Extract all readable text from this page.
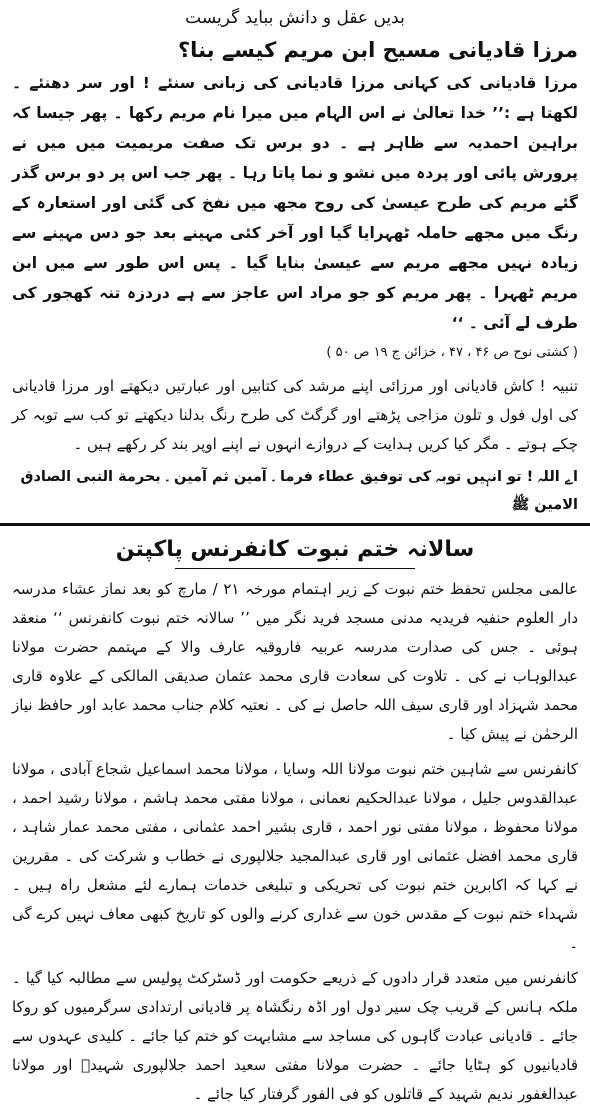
بدیں عقل و دانش بباید گریست
مرزا قادیانی مسیح ابن مریم کیسے بنا؟

مرزا قادیانی کی کہانی مرزا قادیانی کی زبانی سنئے ! اور سر دھنئے ۔ لکھتا ہے :’’ خدا تعالیٰ نے اس الہام میں میرا نام مریم رکھا ۔ پھر جیسا کہ براہین احمدیہ سے ظاہر ہے ۔ دو برس تک صفت مریمیت میں میں نے پرورش پائی اور پردہ میں نشو و نما پاتا رہا ۔ پھر جب اس پر دو برس گذر گئے مریم کی طرح عیسیٰ کی روح مجھ میں نفخ کی گئی اور استعارہ کے رنگ میں مجھے حاملہ ٹھہرایا گیا اور آخر کئی مہینے بعد جو دس مہینے سے زیادہ نہیں مجھے مریم سے عیسیٰ بنایا گیا ۔ پس اس طور سے میں ابن مریم ٹھہرا ۔ پھر مریم کو جو مراد اس عاجز سے ہے دردزہ تنہ کھجور کی طرف لے آئی ۔ ‘‘

( کشتی نوح ص ۴۶ ، ۴۷ ، خزائن ج ۱۹ ص ۵۰ )

تنبیہ ! کاش قادیانی اور مرزائی اپنے مرشد کی کتابیں اور عبارتیں دیکھتے اور مرزا قادیانی کی اول فول و تلون مزاجی پڑھتے اور گرگٹ کی طرح رنگ بدلنا دیکھتے تو کب سے توبہ کر چکے ہوتے ۔ مگر کیا کریں ہدایت کے دروازے انہوں نے اپنے اوپر بند کر رکھے ہیں ۔

اے اللہ ! تو انہیں توبہ کی توفیق عطاء فرما ۔ آمین ثم آمین ۔ بحرمة النبی الصادق الامین ﷺ
سالانہ ختم نبوت کانفرنس پاکپتن

عالمی مجلس تحفظ ختم نبوت کے زیر اہتمام مورخہ ۲۱ / مارچ کو بعد نماز عشاء مدرسہ دار العلوم حنفیہ فریدیہ مدنی مسجد فرید نگر میں ’’ سالانہ ختم نبوت کانفرنس ‘‘ منعقد ہوئی ۔ جس کی صدارت مدرسہ عربیہ فاروقیہ عارف والا کے مہتمم حضرت مولانا عبدالوہاب نے کی ۔ تلاوت کی سعادت قاری محمد عثمان صدیقی المالکی کے علاوہ قاری محمد شہزاد اور قاری سیف اللہ حاصل نے کی ۔ نعتیہ کلام جناب محمد عابد اور حافظ نیاز الرحمٰن نے پیش کیا ۔

کانفرنس سے شاہین ختم نبوت مولانا اللہ وسایا ، مولانا محمد اسماعیل شجاع آبادی ، مولانا عبدالقدوس جلیل ، مولانا عبدالحکیم نعمانی ، مولانا مفتی محمد ہاشم ، مولانا رشید احمد ، مولانا محفوظ ، مولانا مفتی نور احمد ، قاری بشیر احمد عثمانی ، مفتی محمد عمار شاہد ، قاری محمد افضل عثمانی اور قاری عبدالمجید جلالپوری نے خطاب و شرکت کی ۔ مقررین نے کہا کہ اکابرین ختم نبوت کی تحریکی و تبلیغی خدمات ہمارے لئے مشعل راہ ہیں ۔ شہداء ختم نبوت کے مقدس خون سے غداری کرنے والوں کو تاریخ کبھی معاف نہیں کرے گی ۔

کانفرنس میں متعدد قرار دادوں کے ذریعے حکومت اور ڈسٹرکٹ پولیس سے مطالبہ کیا گیا ۔ ملکہ ہانس کے قریب چک سیر دول اور اڈہ رنگشاہ پر قادیانی ارتدادی سرگرمیوں کو روکا جائے ۔ قادیانی عبادت گاہوں کی مساجد سے مشابہت کو ختم کیا جائے ۔ کلیدی عہدوں سے قادیانیوں کو ہٹایا جائے ۔ حضرت مولانا مفتی سعید احمد جلالپوری شہیدؒ اور مولانا عبدالغفور ندیم شہید کے قاتلوں کو فی الفور گرفتار کیا جائے ۔
